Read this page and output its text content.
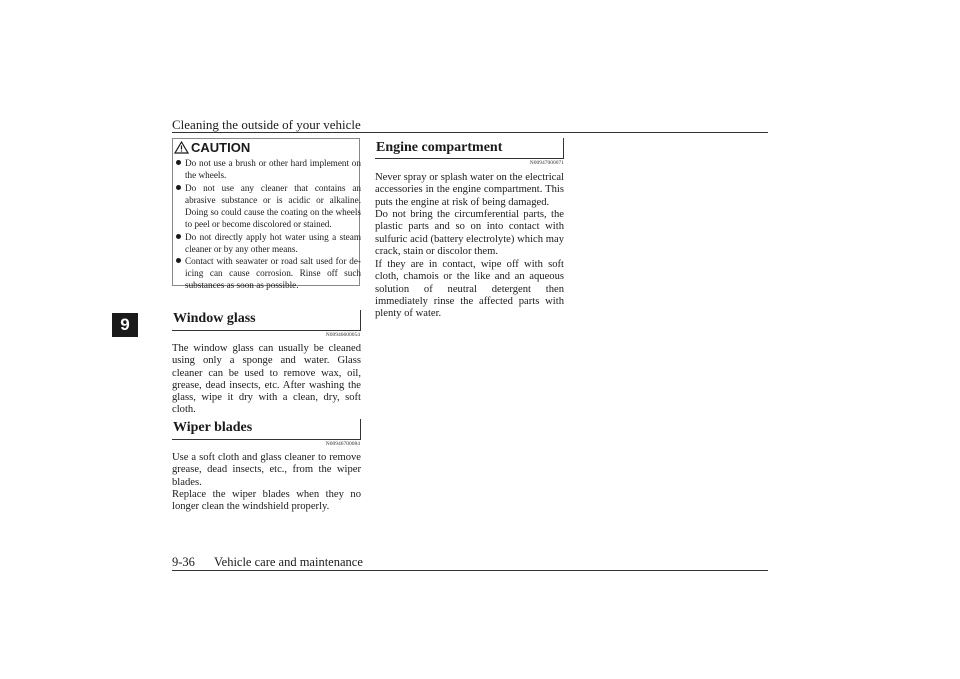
Cleaning the outside of your vehicle
9
CAUTION
Do not use a brush or other hard implement on the wheels.
Do not use any cleaner that contains an abrasive substance or is acidic or alkaline. Doing so could cause the coating on the wheels to peel or become discolored or stained.
Do not directly apply hot water using a steam cleaner or by any other means.
Contact with seawater or road salt used for de-icing can cause corrosion. Rinse off such substances as soon as possible.
Window glass
N00946600054

The window glass can usually be cleaned using only a sponge and water. Glass cleaner can be used to remove wax, oil, grease, dead insects, etc. After washing the glass, wipe it dry with a clean, dry, soft cloth.

Wiper blades
N00946700084

Use a soft cloth and glass cleaner to remove grease, dead insects, etc., from the wiper blades.

Replace the wiper blades when they no longer clean the windshield properly.

Engine compartment
N00947000071

Never spray or splash water on the electrical accessories in the engine compartment. This puts the engine at risk of being damaged.

Do not bring the circumferential parts, the plastic parts and so on into contact with sulfuric acid (battery electrolyte) which may crack, stain or discolor them.

If they are in contact, wipe off with soft cloth, chamois or the like and an aqueous solution of neutral detergent then immediately rinse the affected parts with plenty of water.

9-36 Vehicle care and maintenance
